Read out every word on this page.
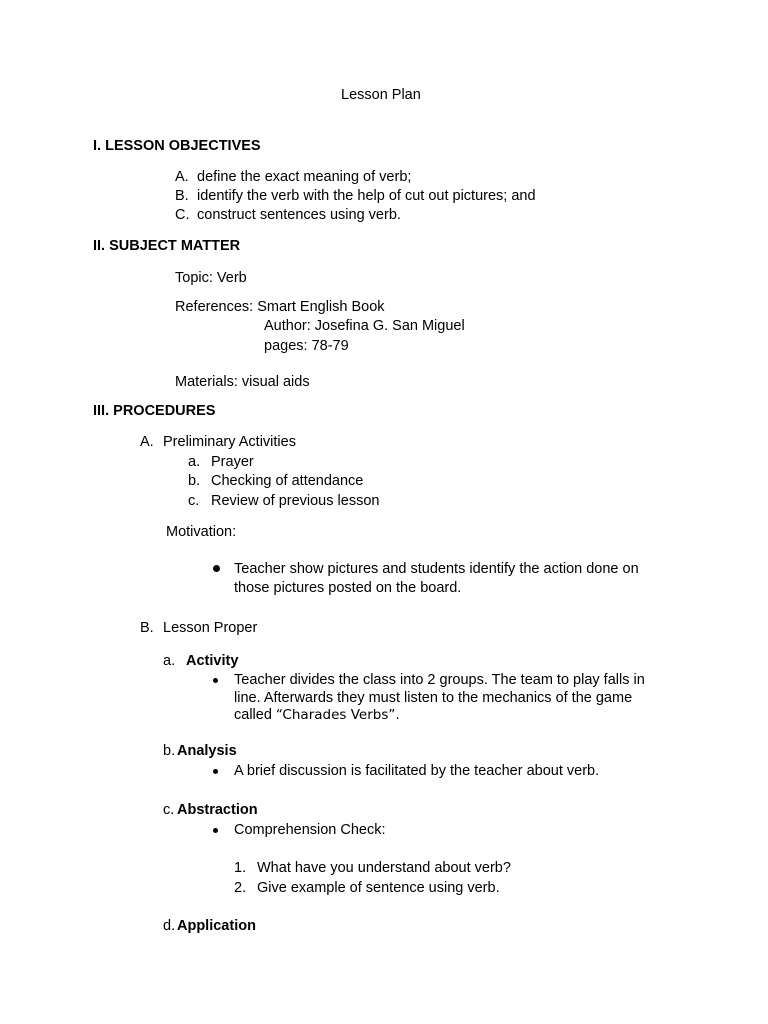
Lesson Plan
I. LESSON OBJECTIVES
A. define the exact meaning of verb;
B. identify the verb with the help of cut out pictures; and
C. construct sentences using verb.
II. SUBJECT MATTER
Topic: Verb
References: Smart English Book
Author: Josefina G. San Miguel
pages: 78-79
Materials: visual aids
III. PROCEDURES
A. Preliminary Activities
a. Prayer
b. Checking of attendance
c. Review of previous lesson
Motivation:
Teacher show pictures and students identify the action done on
those pictures posted on the board.
B. Lesson Proper
a. Activity
Teacher divides the class into 2 groups. The team to play falls in
line. Afterwards they must listen to the mechanics of the game
called “Charades Verbs”.
b. Analysis
A brief discussion is facilitated by the teacher about verb.
c. Abstraction
Comprehension Check:
1. What have you understand about verb?
2. Give example of sentence using verb.
d. Application
